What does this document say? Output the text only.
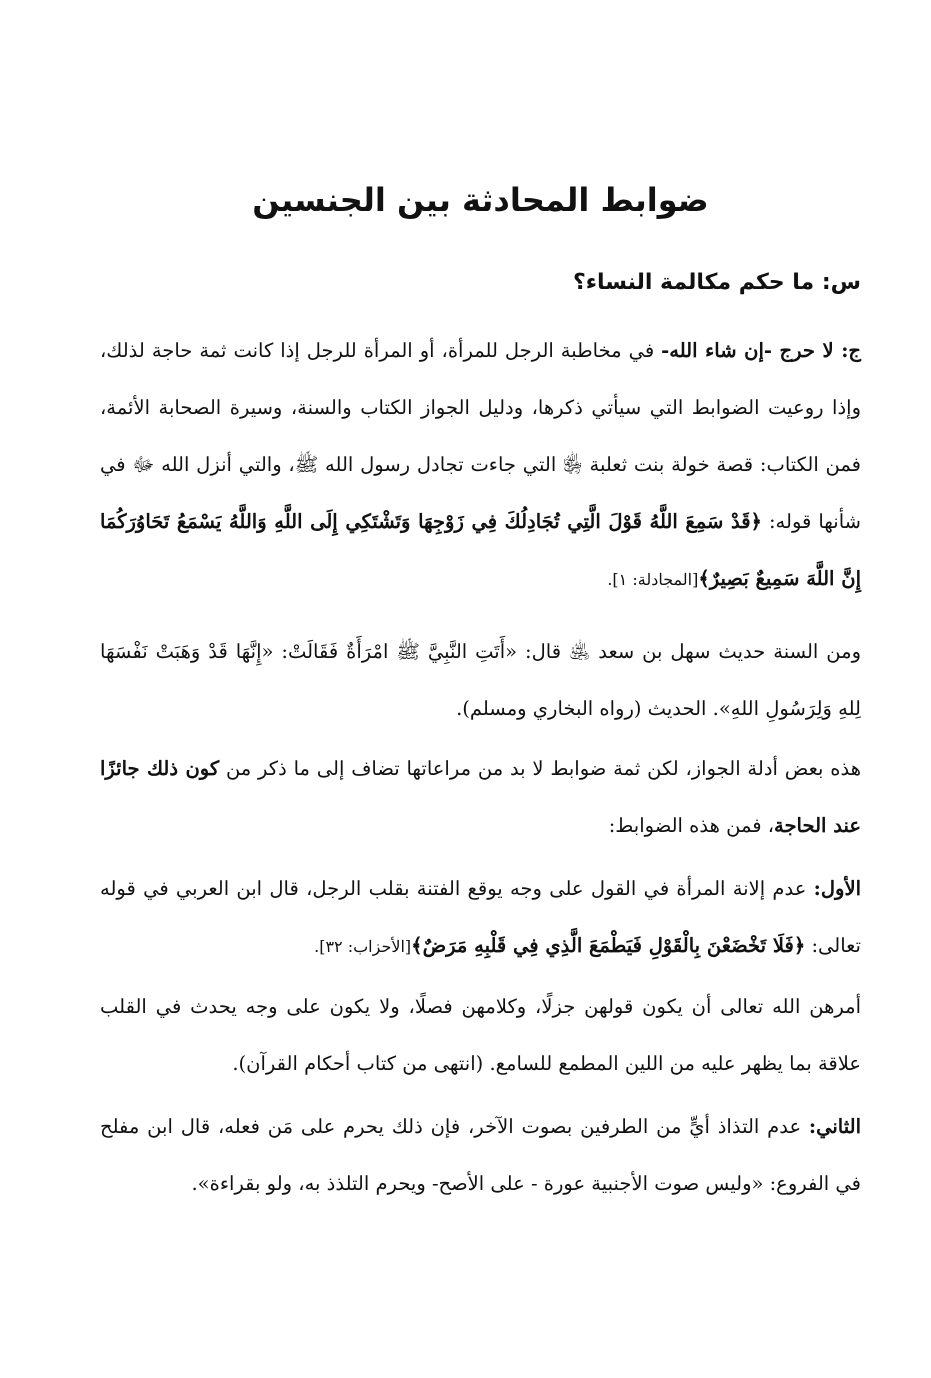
ضوابط المحادثة بين الجنسين

س: ما حكم مكالمة النساء؟

ج: لا حرج -إن شاء الله- في مخاطبة الرجل للمرأة، أو المرأة للرجل إذا كانت ثمة حاجة لذلك، وإذا روعيت الضوابط التي سيأتي ذكرها، ودليل الجواز الكتاب والسنة، وسيرة الصحابة الأئمة، فمن الكتاب: قصة خولة بنت ثعلبة ﵂ التي جاءت تجادل رسول الله ﷺ، والتي أنزل الله ﷻ في شأنها قوله: ﴿قَدْ سَمِعَ اللَّهُ قَوْلَ الَّتِي تُجَادِلُكَ فِي زَوْجِهَا وَتَشْتَكِي إِلَى اللَّهِ وَاللَّهُ يَسْمَعُ تَحَاوُرَكُمَا إِنَّ اللَّهَ سَمِيعٌ بَصِيرٌ﴾[المجادلة: ١].

ومن السنة حديث سهل بن سعد ﵁ قال: «أَتَتِ النَّبِيَّ ﷺ امْرَأَةٌ فَقَالَتْ: «إِنَّهَا قَدْ وَهَبَتْ نَفْسَهَا لِلهِ وَلِرَسُولِ اللهِ». الحديث (رواه البخاري ومسلم).

هذه بعض أدلة الجواز، لكن ثمة ضوابط لا بد من مراعاتها تضاف إلى ما ذكر من كون ذلك جائزًا عند الحاجة، فمن هذه الضوابط:

الأول: عدم إلانة المرأة في القول على وجه يوقع الفتنة بقلب الرجل، قال ابن العربي في قوله تعالى: ﴿فَلَا تَخْضَعْنَ بِالْقَوْلِ فَيَطْمَعَ الَّذِي فِي قَلْبِهِ مَرَضٌ﴾[الأحزاب: ٣٢].

أمرهن الله تعالى أن يكون قولهن جزلًا، وكلامهن فصلًا، ولا يكون على وجه يحدث في القلب علاقة بما يظهر عليه من اللين المطمع للسامع. (انتهى من كتاب أحكام القرآن).

الثاني: عدم التذاذ أيٍّ من الطرفين بصوت الآخر، فإن ذلك يحرم على مَن فعله، قال ابن مفلح في الفروع: «وليس صوت الأجنبية عورة - على الأصح- ويحرم التلذذ به، ولو بقراءة».
